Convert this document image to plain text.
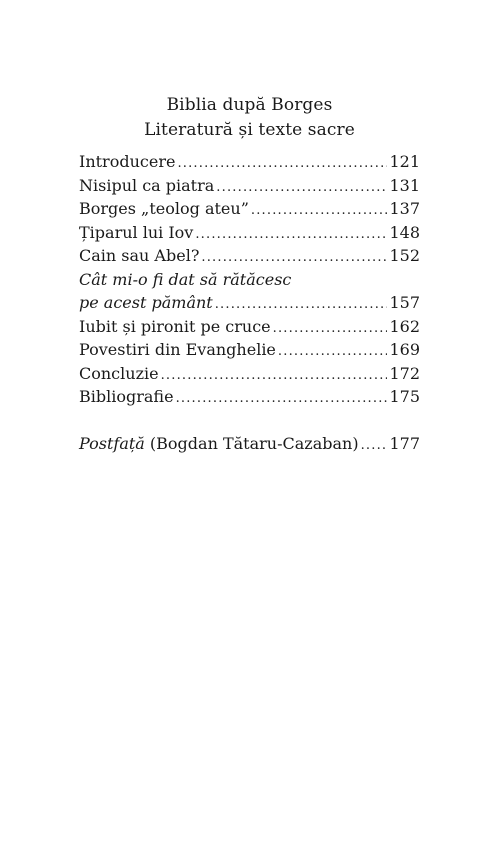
Biblia după Borges
Literatură și texte sacre
Introducere .....	121
Nisipul ca piatra .....	131
Borges „teolog ateu” .....	137
Țiparul lui Iov .....	148
Cain sau Abel? .....	152
Cât mi-o fi dat să rătăcesc
pe acest pământ .....	157
Iubit și pironit pe cruce .....	162
Povestiri din Evanghelie .....	169
Concluzie .....	172
Bibliografie .....	175
Postfață (Bogdan Tătaru-Cazaban) ..... 177
